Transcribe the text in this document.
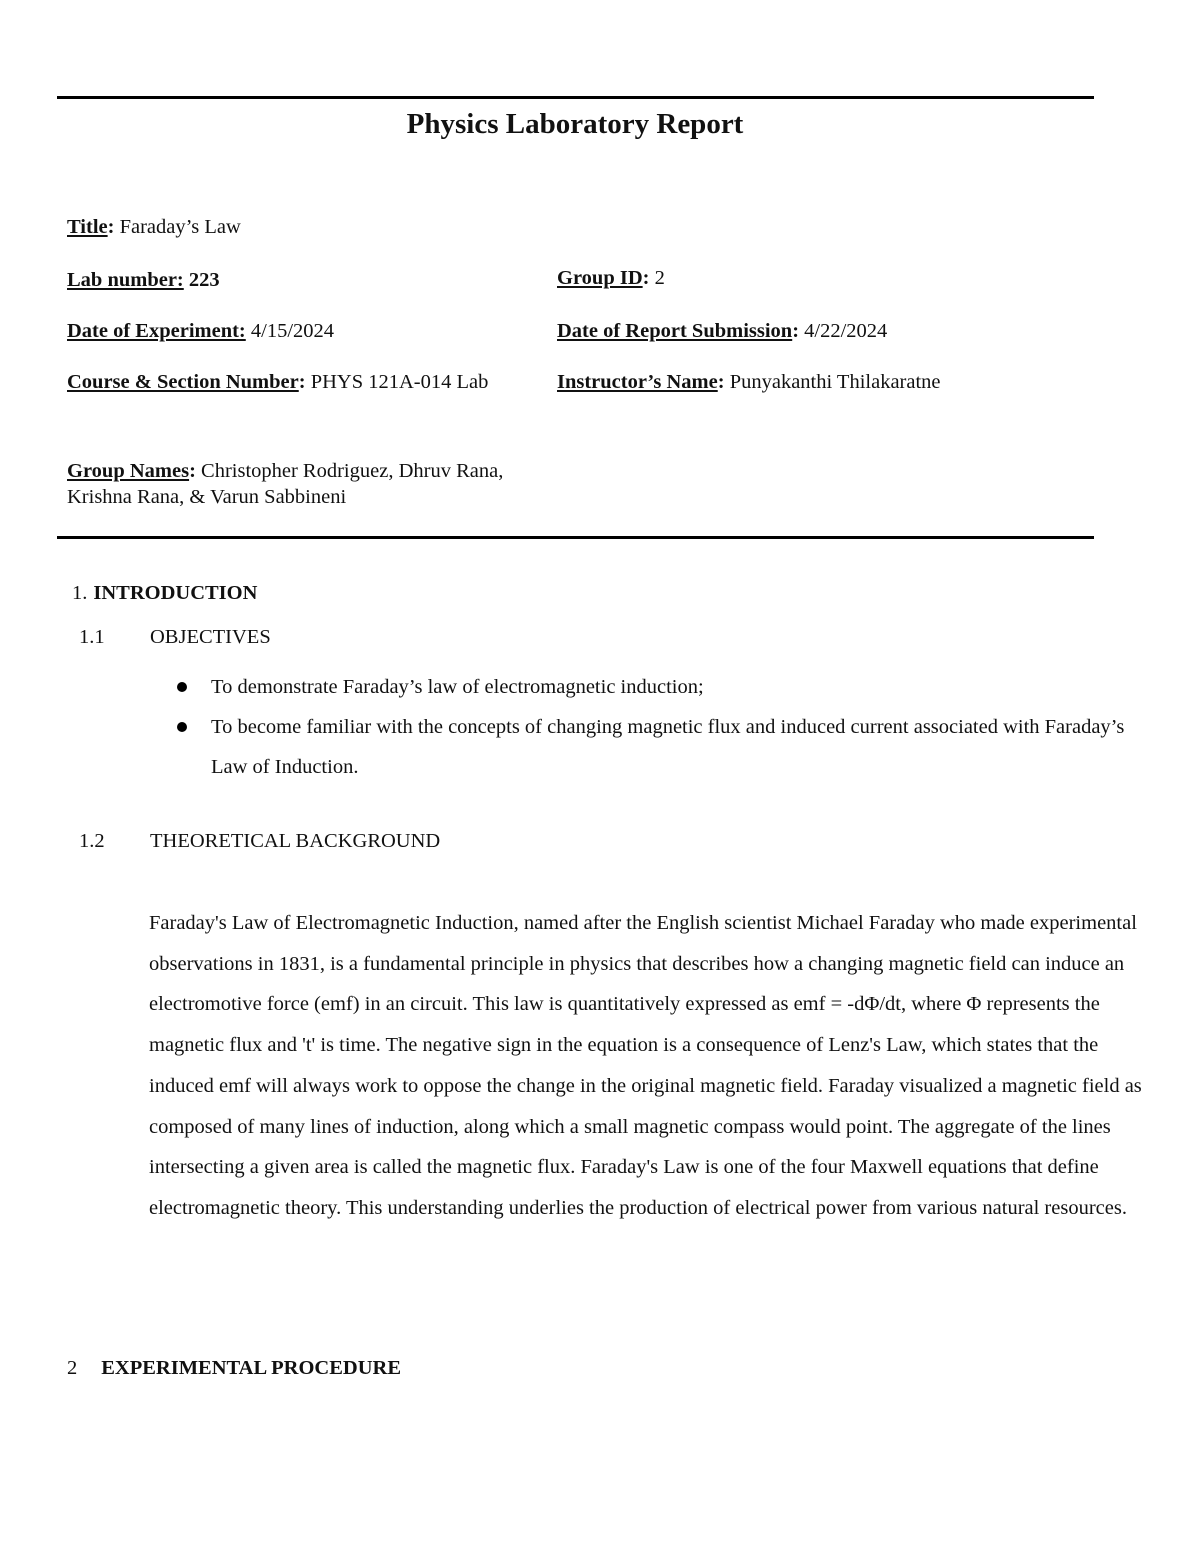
Physics Laboratory Report
Title: Faraday’s Law
Lab number: 223	Group ID: 2
Date of Experiment: 4/15/2024	Date of Report Submission: 4/22/2024
Course & Section Number: PHYS 121A-014 Lab	Instructor’s Name: Punyakanthi Thilakaratne
Group Names: Christopher Rodriguez, Dhruv Rana, Krishna Rana, & Varun Sabbineni
1. INTRODUCTION
1.1 OBJECTIVES
To demonstrate Faraday’s law of electromagnetic induction;
To become familiar with the concepts of changing magnetic flux and induced current associated with Faraday’s Law of Induction.
1.2 THEORETICAL BACKGROUND

Faraday's Law of Electromagnetic Induction, named after the English scientist Michael Faraday who made experimental observations in 1831, is a fundamental principle in physics that describes how a changing magnetic field can induce an electromotive force (emf) in an circuit. This law is quantitatively expressed as emf = -dΦ/dt, where Φ represents the magnetic flux and 't' is time. The negative sign in the equation is a consequence of Lenz's Law, which states that the induced emf will always work to oppose the change in the original magnetic field. Faraday visualized a magnetic field as composed of many lines of induction, along which a small magnetic compass would point. The aggregate of the lines intersecting a given area is called the magnetic flux. Faraday's Law is one of the four Maxwell equations that define electromagnetic theory. This understanding underlies the production of electrical power from various natural resources.

2 EXPERIMENTAL PROCEDURE
